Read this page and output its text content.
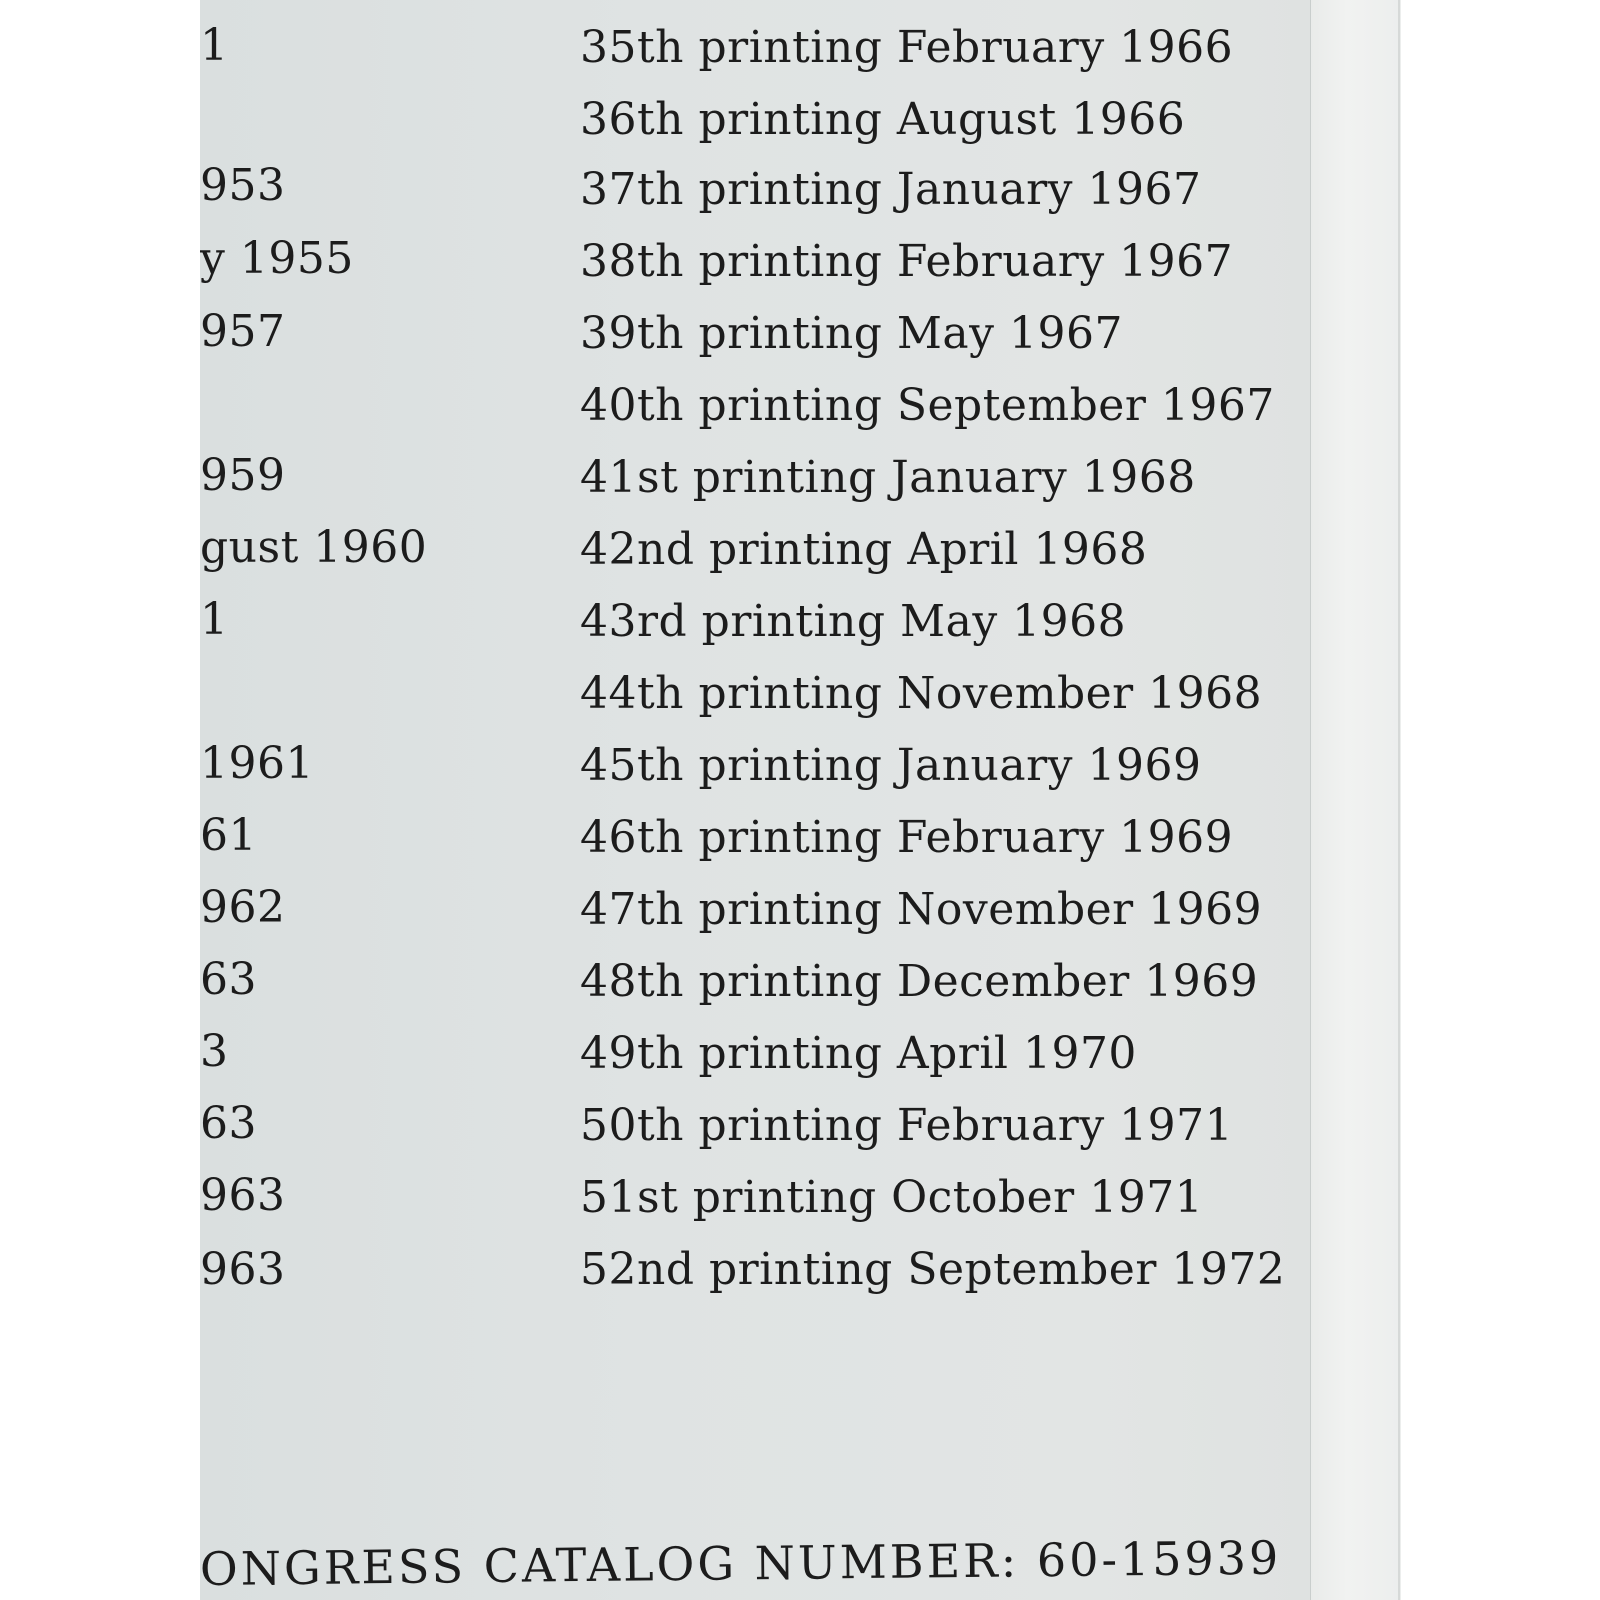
1
953
y 1955
957
959
gust 1960
1
1961
61
962
63
3
63
963
963
35th printing February 1966
36th printing August 1966
37th printing January 1967
38th printing February 1967
39th printing May 1967
40th printing September 1967
41st printing January 1968
42nd printing April 1968
43rd printing May 1968
44th printing November 1968
45th printing January 1969
46th printing February 1969
47th printing November 1969
48th printing December 1969
49th printing April 1970
50th printing February 1971
51st printing October 1971
52nd printing September 1972
ONGRESS CATALOG NUMBER: 60-15939
